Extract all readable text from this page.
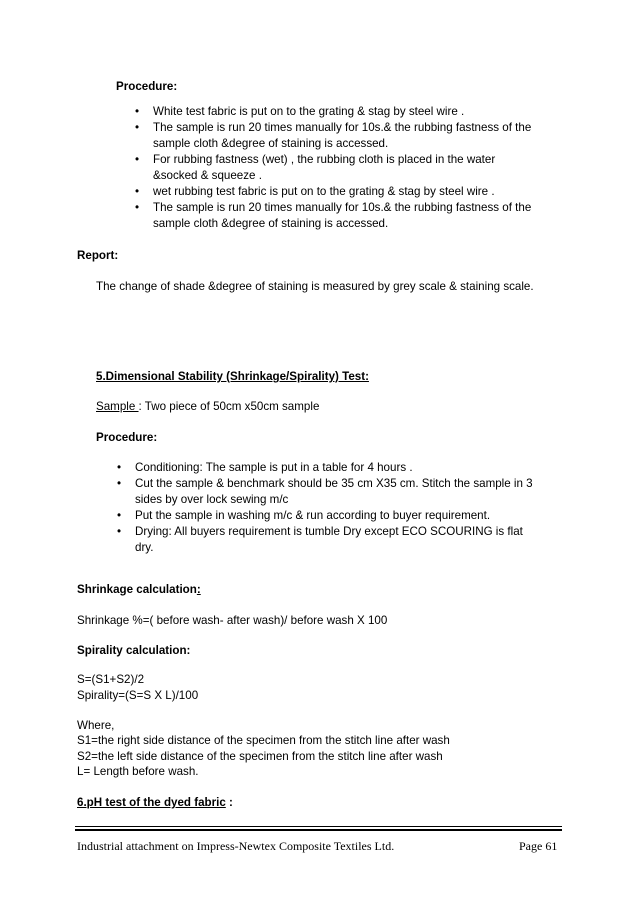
Procedure:
• White test fabric is put on to the grating & stag by steel wire .
• The sample is run 20 times manually for 10s.& the rubbing fastness of the
sample cloth &degree of staining is accessed.
• For rubbing fastness (wet) , the rubbing cloth is placed in the water
&socked & squeeze .
• wet rubbing test fabric is put on to the grating & stag by steel wire .
• The sample is run 20 times manually for 10s.& the rubbing fastness of the
sample cloth &degree of staining is accessed.
Report:
The change of shade &degree of staining is measured by grey scale & staining scale.
5.Dimensional Stability (Shrinkage/Spirality) Test:
Sample : Two piece of 50cm x50cm sample
Procedure:
• Conditioning: The sample is put in a table for 4 hours .
• Cut the sample & benchmark should be 35 cm X35 cm. Stitch the sample in 3
sides by over lock sewing m/c
• Put the sample in washing m/c & run according to buyer requirement.
• Drying: All buyers requirement is tumble Dry except ECO SCOURING is flat
dry.
Shrinkage calculation:
Shrinkage %=( before wash- after wash)/ before wash X 100
Spirality calculation:
S=(S1+S2)/2
Spirality=(S=S X L)/100
Where,
S1=the right side distance of the specimen from the stitch line after wash
S2=the left side distance of the specimen from the stitch line after wash
L= Length before wash.
6.pH test of the dyed fabric :
Industrial attachment on Impress-Newtex Composite Textiles Ltd.	Page 61
